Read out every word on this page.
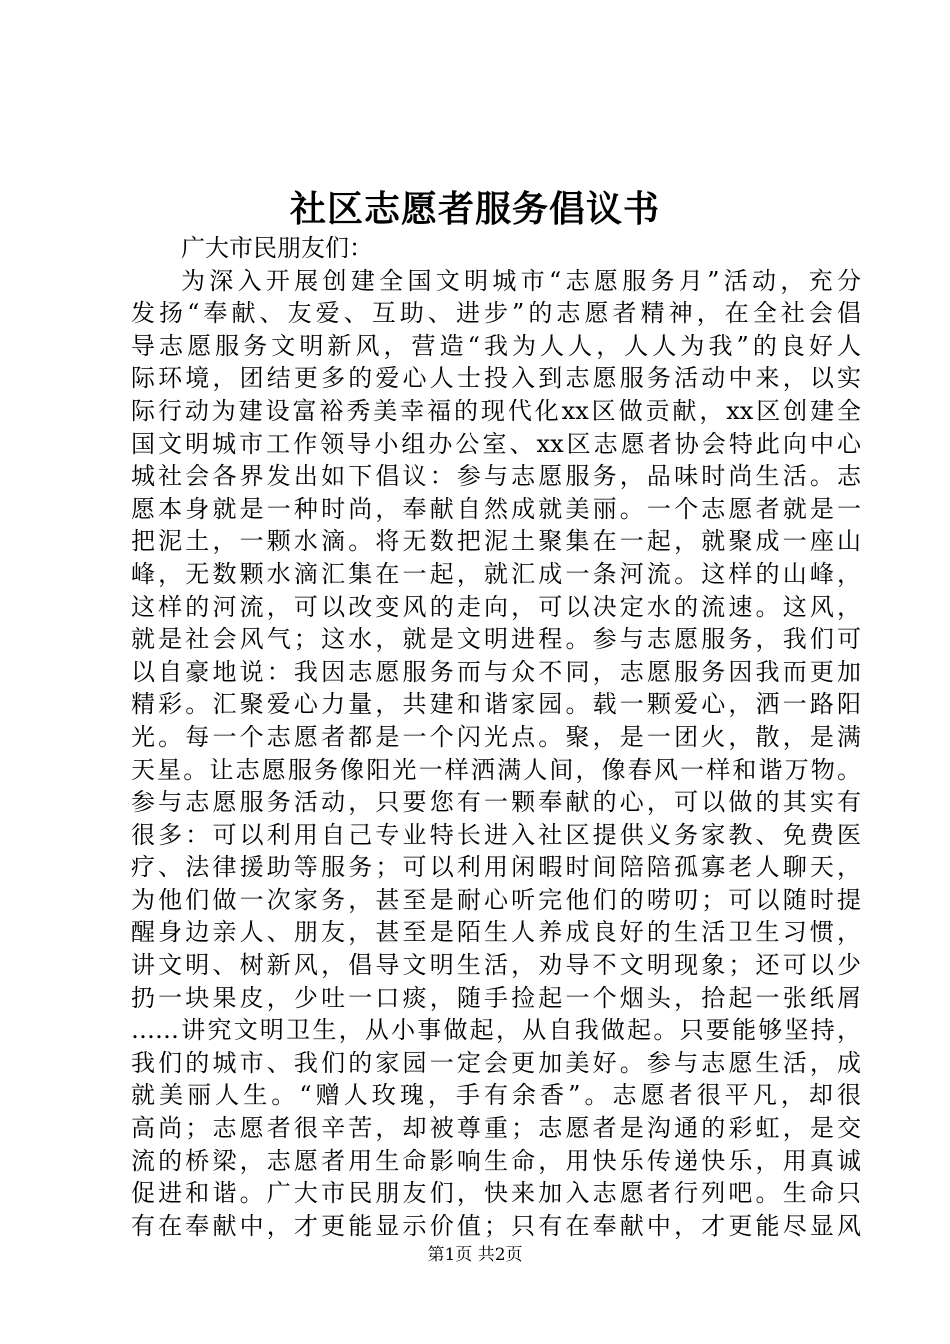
社区志愿者服务倡议书
广大市民朋友们：
为深入开展创建全国文明城市“志愿服务月”活动，充分
发扬“奉献、友爱、互助、进步”的志愿者精神，在全社会倡
导志愿服务文明新风，营造“我为人人，人人为我”的良好人
际环境，团结更多的爱心人士投入到志愿服务活动中来，以实
际行动为建设富裕秀美幸福的现代化xx区做贡献，xx区创建全
国文明城市工作领导小组办公室、xx区志愿者协会特此向中心
城社会各界发出如下倡议：参与志愿服务，品味时尚生活。志
愿本身就是一种时尚，奉献自然成就美丽。一个志愿者就是一
把泥土，一颗水滴。将无数把泥土聚集在一起，就聚成一座山
峰，无数颗水滴汇集在一起，就汇成一条河流。这样的山峰，
这样的河流，可以改变风的走向，可以决定水的流速。这风，
就是社会风气；这水，就是文明进程。参与志愿服务，我们可
以自豪地说：我因志愿服务而与众不同，志愿服务因我而更加
精彩。汇聚爱心力量，共建和谐家园。载一颗爱心，洒一路阳
光。每一个志愿者都是一个闪光点。聚，是一团火，散，是满
天星。让志愿服务像阳光一样洒满人间，像春风一样和谐万物。
参与志愿服务活动，只要您有一颗奉献的心，可以做的其实有
很多：可以利用自己专业特长进入社区提供义务家教、免费医
疗、法律援助等服务；可以利用闲暇时间陪陪孤寡老人聊天，
为他们做一次家务，甚至是耐心听完他们的唠叨；可以随时提
醒身边亲人、朋友，甚至是陌生人养成良好的生活卫生习惯，
讲文明、树新风，倡导文明生活，劝导不文明现象；还可以少
扔一块果皮，少吐一口痰，随手捡起一个烟头，拾起一张纸屑
……讲究文明卫生，从小事做起，从自我做起。只要能够坚持，
我们的城市、我们的家园一定会更加美好。参与志愿生活，成
就美丽人生。“赠人玫瑰，手有余香”。志愿者很平凡，却很
高尚；志愿者很辛苦，却被尊重；志愿者是沟通的彩虹，是交
流的桥梁，志愿者用生命影响生命，用快乐传递快乐，用真诚
促进和谐。广大市民朋友们，快来加入志愿者行列吧。生命只
有在奉献中，才更能显示价值；只有在奉献中，才更能尽显风
第1页 共2页
